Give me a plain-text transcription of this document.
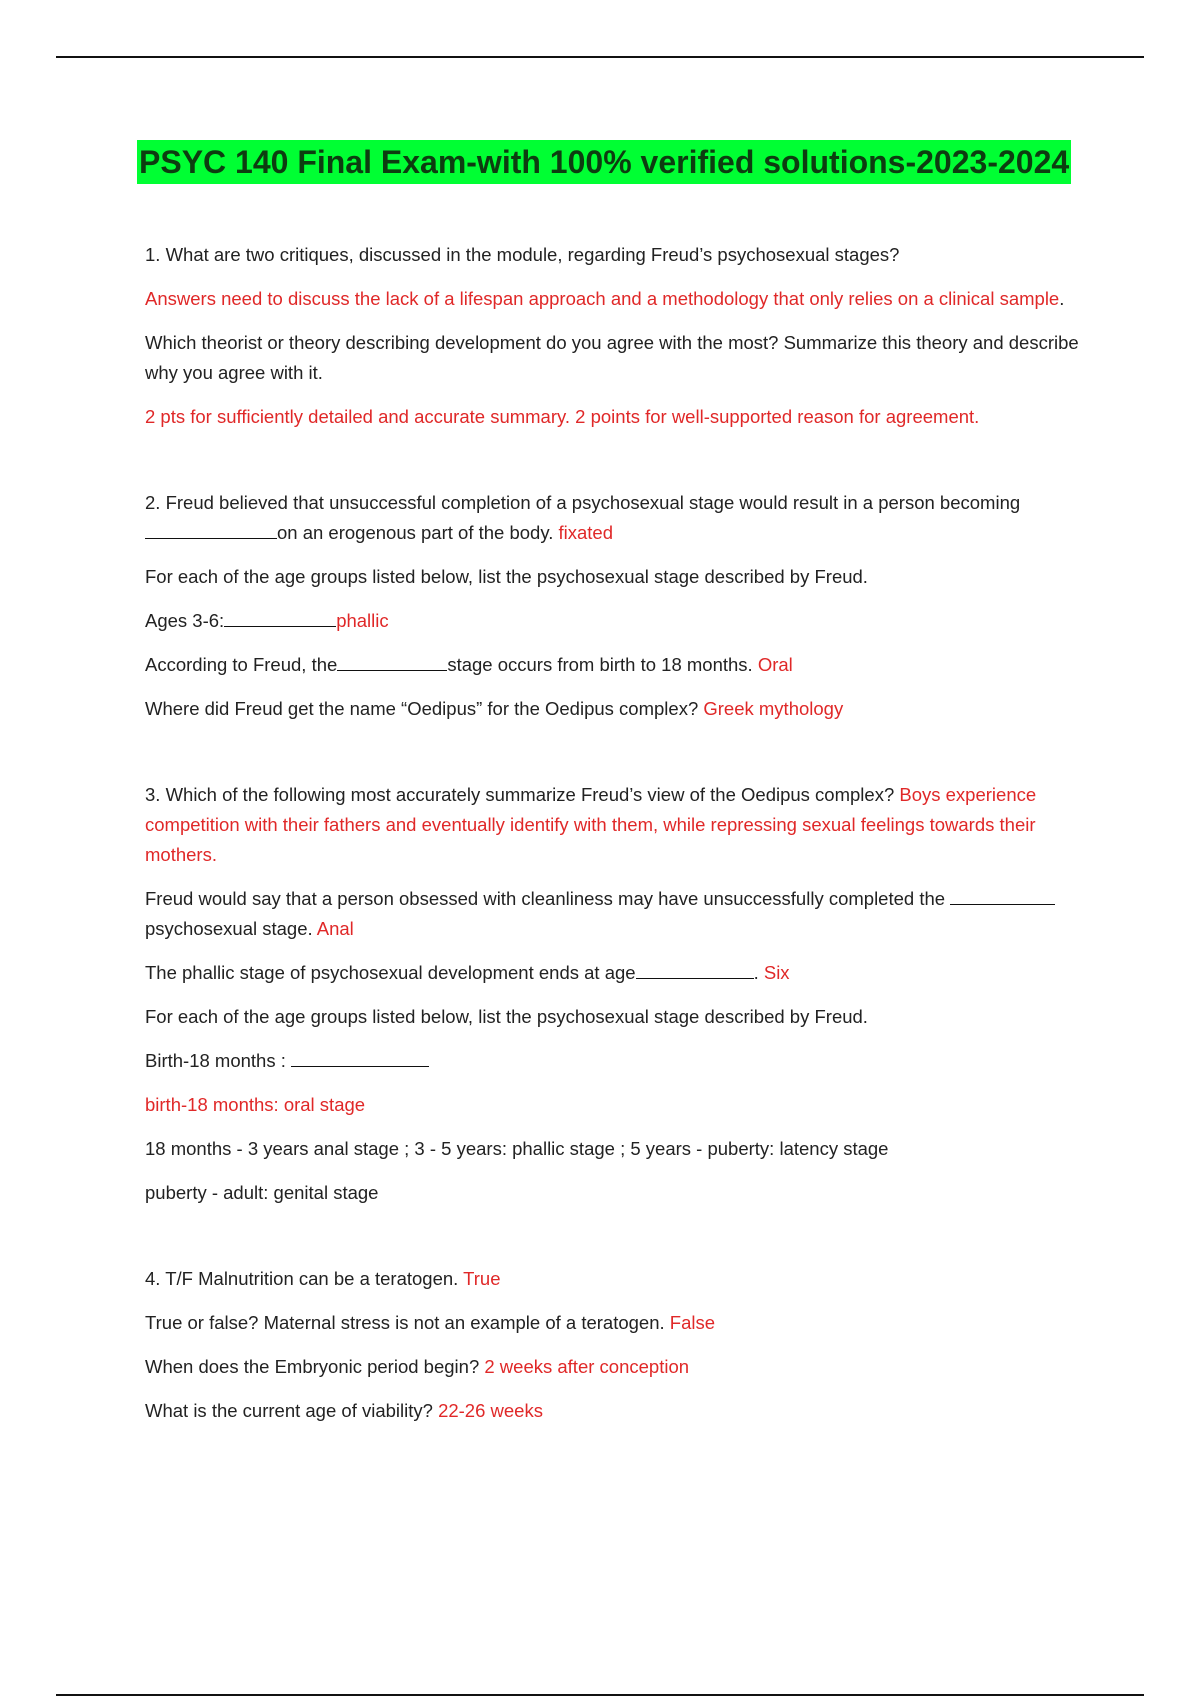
PSYC 140 Final Exam-with 100% verified solutions-2023-2024

1. What are two critiques, discussed in the module, regarding Freud’s psychosexual stages?

Answers need to discuss the lack of a lifespan approach and a methodology that only relies on a clinical sample.

Which theorist or theory describing development do you agree with the most? Summarize this theory and describe why you agree with it.

2 pts for sufficiently detailed and accurate summary. 2 points for well-supported reason for agreement.

2. Freud believed that unsuccessful completion of a psychosexual stage would result in a person becomingon an erogenous part of the body. fixated

For each of the age groups listed below, list the psychosexual stage described by Freud.

Ages 3-6:	phallic

According to Freud, the	stage occurs from birth to 18 months. Oral

Where did Freud get the name “Oedipus” for the Oedipus complex? Greek mythology

3. Which of the following most accurately summarize Freud’s view of the Oedipus complex? Boys experience competition with their fathers and eventually identify with them, while repressing sexual feelings towards their mothers.

Freud would say that a person obsessed with cleanliness may have unsuccessfully completed the psychosexual stage. Anal

The phallic stage of psychosexual development ends at age	. Six

For each of the age groups listed below, list the psychosexual stage described by Freud.

Birth-18 months :

birth-18 months: oral stage

18 months - 3 years anal stage ; 3 - 5 years: phallic stage ; 5 years - puberty: latency stage

puberty - adult: genital stage

4. T/F Malnutrition can be a teratogen. True

True or false? Maternal stress is not an example of a teratogen. False

When does the Embryonic period begin? 2 weeks after conception

What is the current age of viability? 22-26 weeks
